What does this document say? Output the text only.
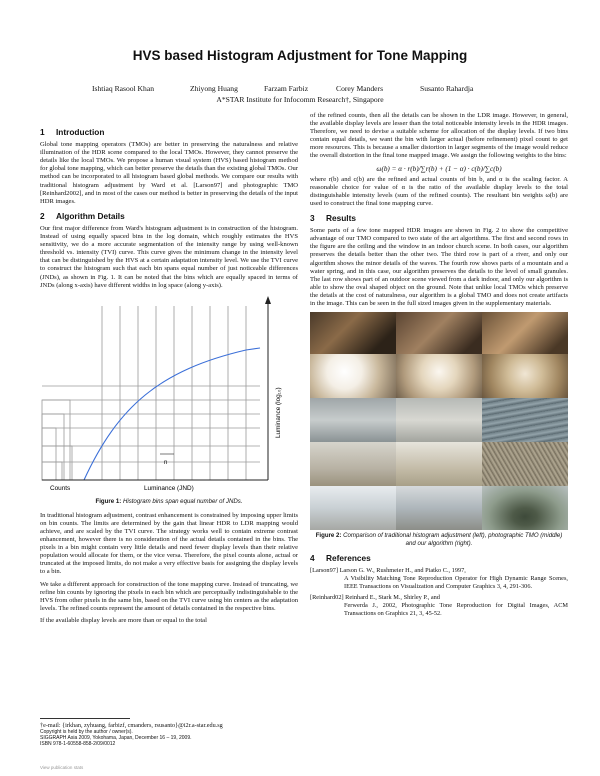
HVS based Histogram Adjustment for Tone Mapping
Ishtiaq Rasool Khan	Zhiyong Huang	Farzam Farbiz	Corey Manders	Susanto Rahardja
A*STAR Institute for Infocomm Research†, Singapore
1 Introduction

Global tone mapping operators (TMOs) are better in preserving the naturalness and relative illumination of the HDR scene compared to the local TMOs. However, they cannot preserve the details like the local TMOs. We propose a human visual system (HVS) based histogram method for global tone mapping, which can better preserve the details than the existing global TMOs. Our method can be incorporated to all histogram based global methods. We compare our results with traditional histogram adjustment by Ward et al. [Larson97] and photographic TMO [Reinhard2002], and in most of the cases our method is better in preserving the details of the input HDR images.

2 Algorithm Details

Our first major difference from Ward's histogram adjustment is in construction of the histogram. Instead of using equally spaced bins in the log domain, which roughly estimates the HVS sensitivity, we do a more accurate segmentation of the intensity range by using well-known threshold vs. intensity (TVI) curve. This curve gives the minimum change in the intensity level that can be distinguished by the HVS at a certain adaptation intensity level. We use the TVI curve to construct the histogram such that each bin spans equal number of just noticeable differences (JNDs), as shown in Fig. 1. It can be noted that the bins which are equally spaced in terms of JNDs (along x-axis) have different widths in log space (along y-axis).

Counts	Luminance (JND)
n
Luminance (log₁₀)
Figure 1: Histogram bins span equal number of JNDs.

In traditional histogram adjustment, contrast enhancement is constrained by imposing upper limits on bin counts. The limits are determined by the gain that linear HDR to LDR mapping would achieve, and are scaled by the TVI curve. The strategy works well to contain extreme contrast enhancement, however there is no consideration of the actual details contained in the bins. The pixels in a bin might contain very little details and need fewer display levels than their relative population would allocate for them, or the vice versa. Therefore, the pixel counts alone, actual or truncated at the imposed limits, do not make a very effective basis for assigning the display levels to a bin.

We take a different approach for construction of the tone mapping curve. Instead of truncating, we refine bin counts by ignoring the pixels in each bin which are perceptually indistinguishable to the HVS from other pixels in the same bin, based on the TVI curve using bin centers as the adaptation levels. The refined counts represent the amount of details contained in the respective bins.

If the available display levels are more than or equal to the total

of the refined counts, then all the details can be shown in the LDR image. However, in general, the available display levels are lesser than the total noticeable intensity levels in the HDR images. Therefore, we need to devise a suitable scheme for allocation of the display levels. If two bins contain equal details, we want the bin with larger actual (before refinement) pixel count to get more resources. This is because a smaller distortion in larger segments of the image would reduce the overall distortion in the final tone mapped image. We assign the following weights to the bins:

ω(b) = α · r(b)/∑r(b) + (1 − α) · c(b)/∑c(b)

where r(b) and c(b) are the refined and actual counts of bin b, and α is the scaling factor. A reasonable choice for value of α is the ratio of the available display levels to the total distinguishable intensity levels (sum of the refined counts). The resultant bin weights ω(b) are used to construct the final tone mapping curve.

3 Results

Some parts of a few tone mapped HDR images are shown in Fig. 2 to show the competitive advantage of our TMO compared to two state of the art algorithms. The first and second rows in the figure are the ceiling and the window in an indoor church scene. In both cases, our algorithm preserves the details better than the other two. The third row is part of a river, and only our algorithm shows the minor details of the waves. The fourth row shows parts of a mountain and a water spring, and in this case, our algorithm preserves the details to the level of small granules. The last row shows part of an outdoor scene viewed from a dark indoor, and only our algorithm is able to show the oval shaped object on the ground. Note that unlike local TMOs which preserve the details at the cost of naturalness, our algorithm is a global TMO and does not create artifacts in the image. This can be seen in the full sized images given in the supplementary materials.

Figure 2: Comparison of traditional histogram adjustment (left), photographic TMO (middle) and our algorithm (right).
4 References
[Larson97] Larson G. W., Rushmeier H., and Piatko C., 1997,
A Visibility Matching Tone Reproduction Operator for High Dynamic Range Scenes, IEEE Transactions on Visualization and Computer Graphics 3, 4, 291-306.
[Reinhard02] Reinhard E., Stark M., Shirley P., and
Ferwerda J., 2002, Photographic Tone Reproduction for Digital Images, ACM Transactions on Graphics 21, 3, 45-52.
†e-mail: {irkhan, zyhuang, farbizf, cmanders, rsusanto}@i2r.a-star.edu.sg
Copyright is held by the author / owner(s).
SIGGRAPH Asia 2009, Yokohama, Japan, December 16 – 19, 2009.
ISBN 978-1-60558-858-2/09/0012
View publication stats
